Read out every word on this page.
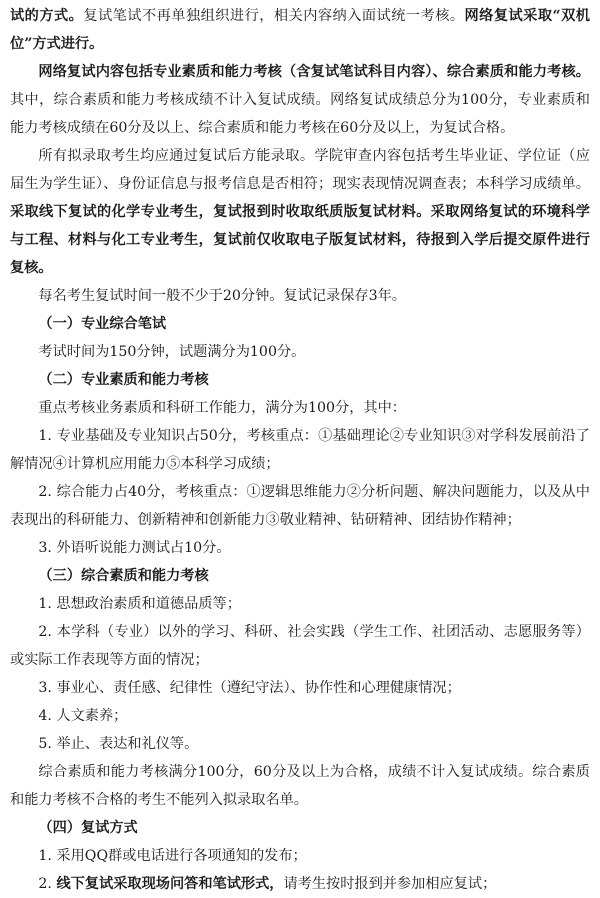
试的方式。复试笔试不再单独组织进行，相关内容纳入面试统一考核。网络复试采取“双机位”方式进行。

网络复试内容包括专业素质和能力考核（含复试笔试科目内容）、综合素质和能力考核。其中，综合素质和能力考核成绩不计入复试成绩。网络复试成绩总分为100分，专业素质和能力考核成绩在60分及以上、综合素质和能力考核在60分及以上，为复试合格。

所有拟录取考生均应通过复试后方能录取。学院审查内容包括考生毕业证、学位证（应届生为学生证）、身份证信息与报考信息是否相符；现实表现情况调查表；本科学习成绩单。采取线下复试的化学专业考生，复试报到时收取纸质版复试材料。采取网络复试的环境科学与工程、材料与化工专业考生，复试前仅收取电子版复试材料，待报到入学后提交原件进行复核。

每名考生复试时间一般不少于20分钟。复试记录保存3年。

（一）专业综合笔试

考试时间为150分钟，试题满分为100分。

（二）专业素质和能力考核

重点考核业务素质和科研工作能力，满分为100分，其中：

1. 专业基础及专业知识占50分，考核重点：①基础理论②专业知识③对学科发展前沿了解情况④计算机应用能力⑤本科学习成绩；

2. 综合能力占40分，考核重点：①逻辑思维能力②分析问题、解决问题能力，以及从中表现出的科研能力、创新精神和创新能力③敬业精神、钻研精神、团结协作精神；

3. 外语听说能力测试占10分。

（三）综合素质和能力考核

1. 思想政治素质和道德品质等；

2. 本学科（专业）以外的学习、科研、社会实践（学生工作、社团活动、志愿服务等）或实际工作表现等方面的情况；

3. 事业心、责任感、纪律性（遵纪守法）、协作性和心理健康情况；

4. 人文素养；

5. 举止、表达和礼仪等。

综合素质和能力考核满分100分，60分及以上为合格，成绩不计入复试成绩。综合素质和能力考核不合格的考生不能列入拟录取名单。

（四）复试方式

1. 采用QQ群或电话进行各项通知的发布；

2. 线下复试采取现场问答和笔试形式，请考生按时报到并参加相应复试；
